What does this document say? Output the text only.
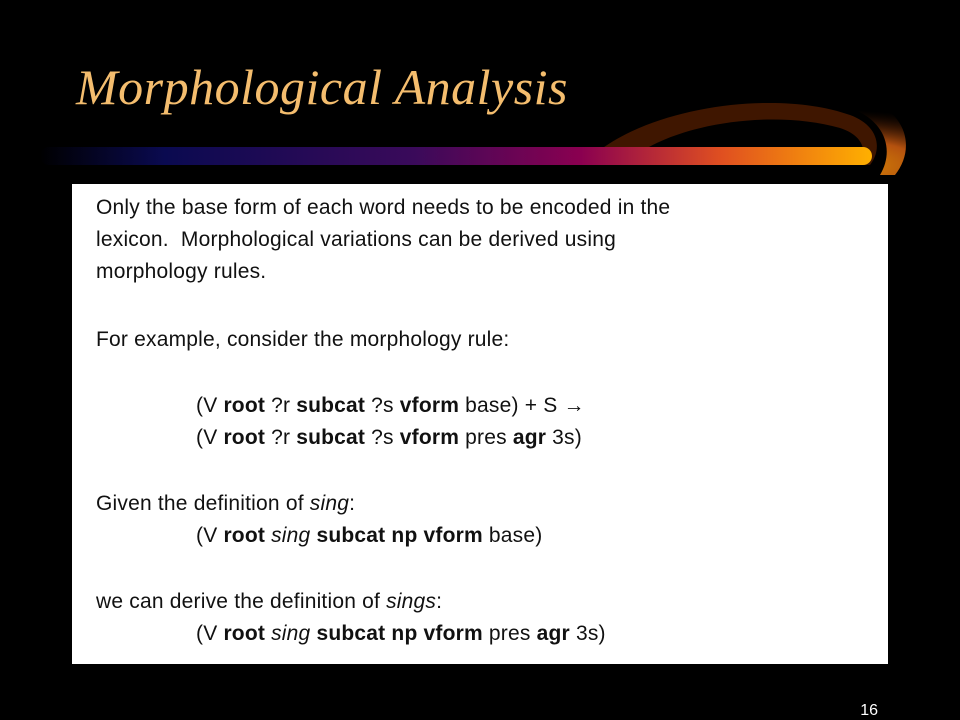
Morphological Analysis
Only the base form of each word needs to be encoded in the
lexicon.  Morphological variations can be derived using
morphology rules.
For example, consider the morphology rule:
(V root ?r subcat ?s vform base) + S →
(V root ?r subcat ?s vform pres agr 3s)
Given the definition of sing:
(V root sing subcat np vform base)
we can derive the definition of sings:
(V root sing subcat np vform pres agr 3s)
16
